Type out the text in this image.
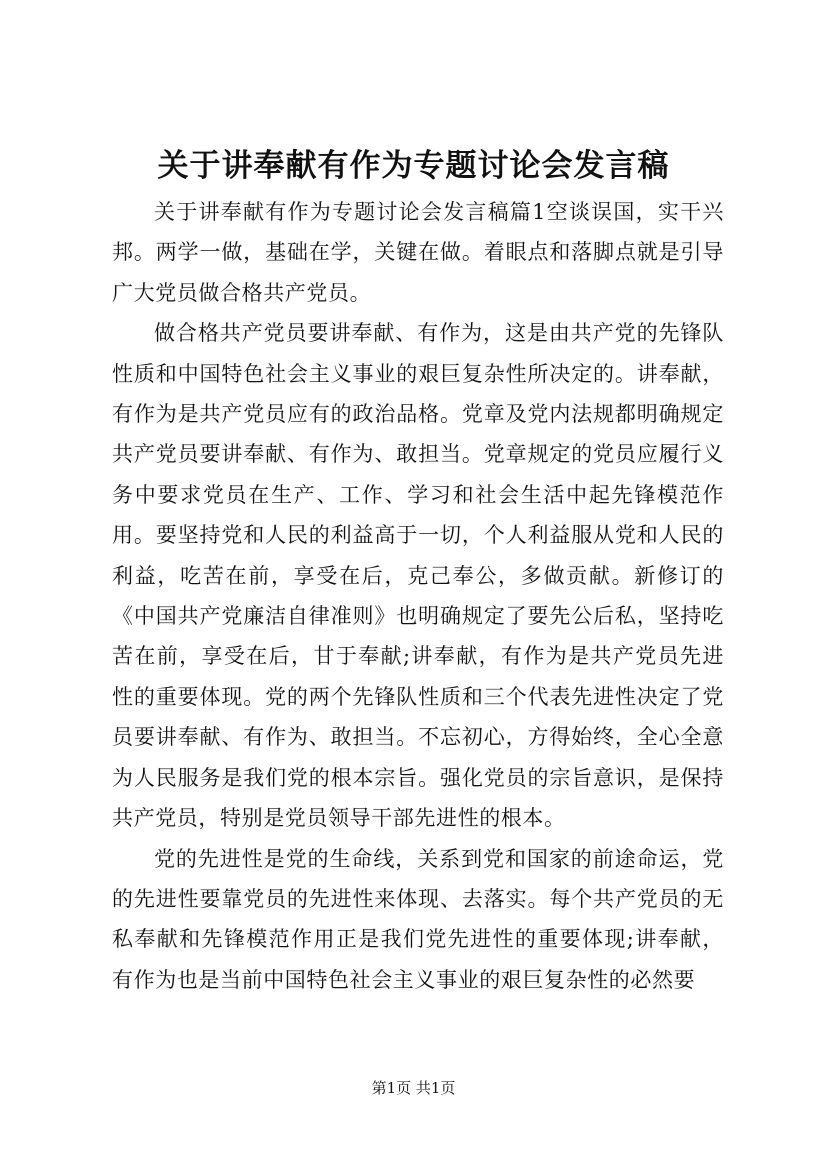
关于讲奉献有作为专题讨论会发言稿

关于讲奉献有作为专题讨论会发言稿篇1空谈误国，实干兴邦。两学一做，基础在学，关键在做。着眼点和落脚点就是引导广大党员做合格共产党员。

做合格共产党员要讲奉献、有作为，这是由共产党的先锋队性质和中国特色社会主义事业的艰巨复杂性所决定的。讲奉献，有作为是共产党员应有的政治品格。党章及党内法规都明确规定共产党员要讲奉献、有作为、敢担当。党章规定的党员应履行义务中要求党员在生产、工作、学习和社会生活中起先锋模范作用。要坚持党和人民的利益高于一切，个人利益服从党和人民的利益，吃苦在前，享受在后，克己奉公，多做贡献。新修订的《中国共产党廉洁自律准则》也明确规定了要先公后私，坚持吃苦在前，享受在后，甘于奉献;讲奉献，有作为是共产党员先进性的重要体现。党的两个先锋队性质和三个代表先进性决定了党员要讲奉献、有作为、敢担当。不忘初心，方得始终，全心全意为人民服务是我们党的根本宗旨。强化党员的宗旨意识，是保持共产党员，特别是党员领导干部先进性的根本。

党的先进性是党的生命线，关系到党和国家的前途命运，党的先进性要靠党员的先进性来体现、去落实。每个共产党员的无私奉献和先锋模范作用正是我们党先进性的重要体现;讲奉献，有作为也是当前中国特色社会主义事业的艰巨复杂性的必然要

第1页 共1页
